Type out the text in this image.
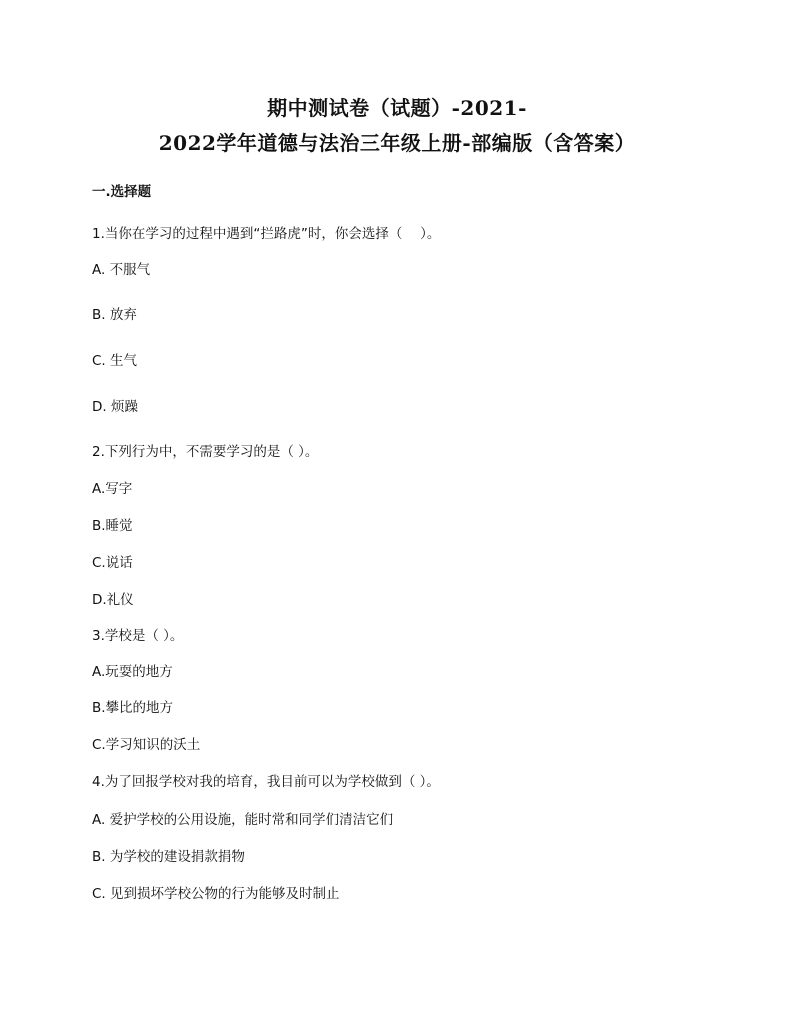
期中测试卷（试题）-2021-
2022学年道德与法治三年级上册-部编版（含答案）
一.选择题
1.当你在学习的过程中遇到“拦路虎”时，你会选择（　 ）。
A. 不服气
B. 放弃
C. 生气
D. 烦躁
2.下列行为中，不需要学习的是（ ）。
A.写字
B.睡觉
C.说话
D.礼仪
3.学校是（ ）。
A.玩耍的地方
B.攀比的地方
C.学习知识的沃土
4.为了回报学校对我的培育，我目前可以为学校做到（ ）。
A. 爱护学校的公用设施，能时常和同学们清洁它们
B. 为学校的建设捐款捐物
C. 见到损坏学校公物的行为能够及时制止
